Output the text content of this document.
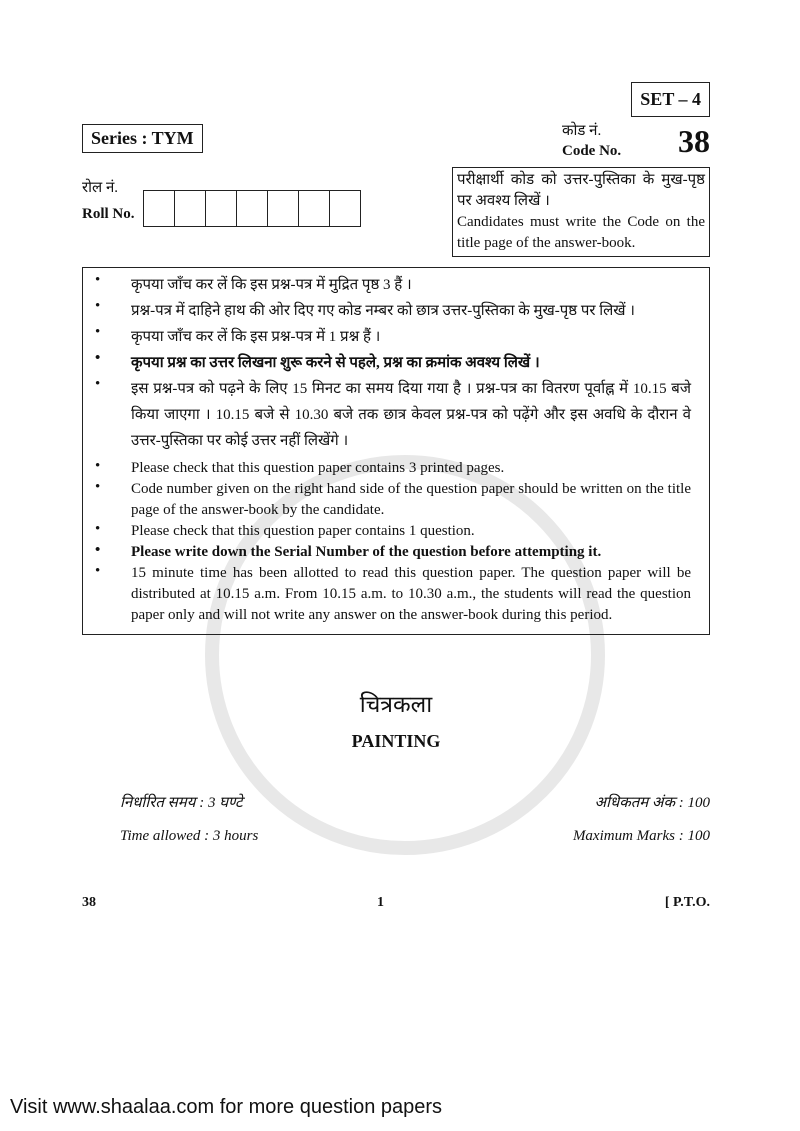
Series : TYM
रोल नं.
Roll No.
SET – 4
कोड नं.
Code No. 38
परीक्षार्थी कोड को उत्तर-पुस्तिका के मुख-पृष्ठ पर अवश्य लिखें ।
Candidates must write the Code on the title page of the answer-book.
•	कृपया जाँच कर लें कि इस प्रश्न-पत्र में मुद्रित पृष्ठ 3 हैं ।
•	प्रश्न-पत्र में दाहिने हाथ की ओर दिए गए कोड नम्बर को छात्र उत्तर-पुस्तिका के मुख-पृष्ठ पर लिखें ।
•	कृपया जाँच कर लें कि इस प्रश्न-पत्र में 1 प्रश्न हैं ।
•	कृपया प्रश्न का उत्तर लिखना शुरू करने से पहले, प्रश्न का क्रमांक अवश्य लिखें ।
•	इस प्रश्न-पत्र को पढ़ने के लिए 15 मिनट का समय दिया गया है । प्रश्न-पत्र का वितरण पूर्वाह्न में 10.15 बजे किया जाएगा । 10.15 बजे से 10.30 बजे तक छात्र केवल प्रश्न-पत्र को पढ़ेंगे और इस अवधि के दौरान वे उत्तर-पुस्तिका पर कोई उत्तर नहीं लिखेंगे ।
•	Please check that this question paper contains 3 printed pages.
•	Code number given on the right hand side of the question paper should be written on the title page of the answer-book by the candidate.
•	Please check that this question paper contains 1 question.
•	Please write down the Serial Number of the question before attempting it.
•	15 minute time has been allotted to read this question paper. The question paper will be distributed at 10.15 a.m. From 10.15 a.m. to 10.30 a.m., the students will read the question paper only and will not write any answer on the answer-book during this period.
चित्रकला
PAINTING
निर्धारित समय : 3 घण्टे	अधिकतम अंक : 100
Time allowed : 3 hours	Maximum Marks : 100
38	1	[ P.T.O.
Visit www.shaalaa.com for more question papers
